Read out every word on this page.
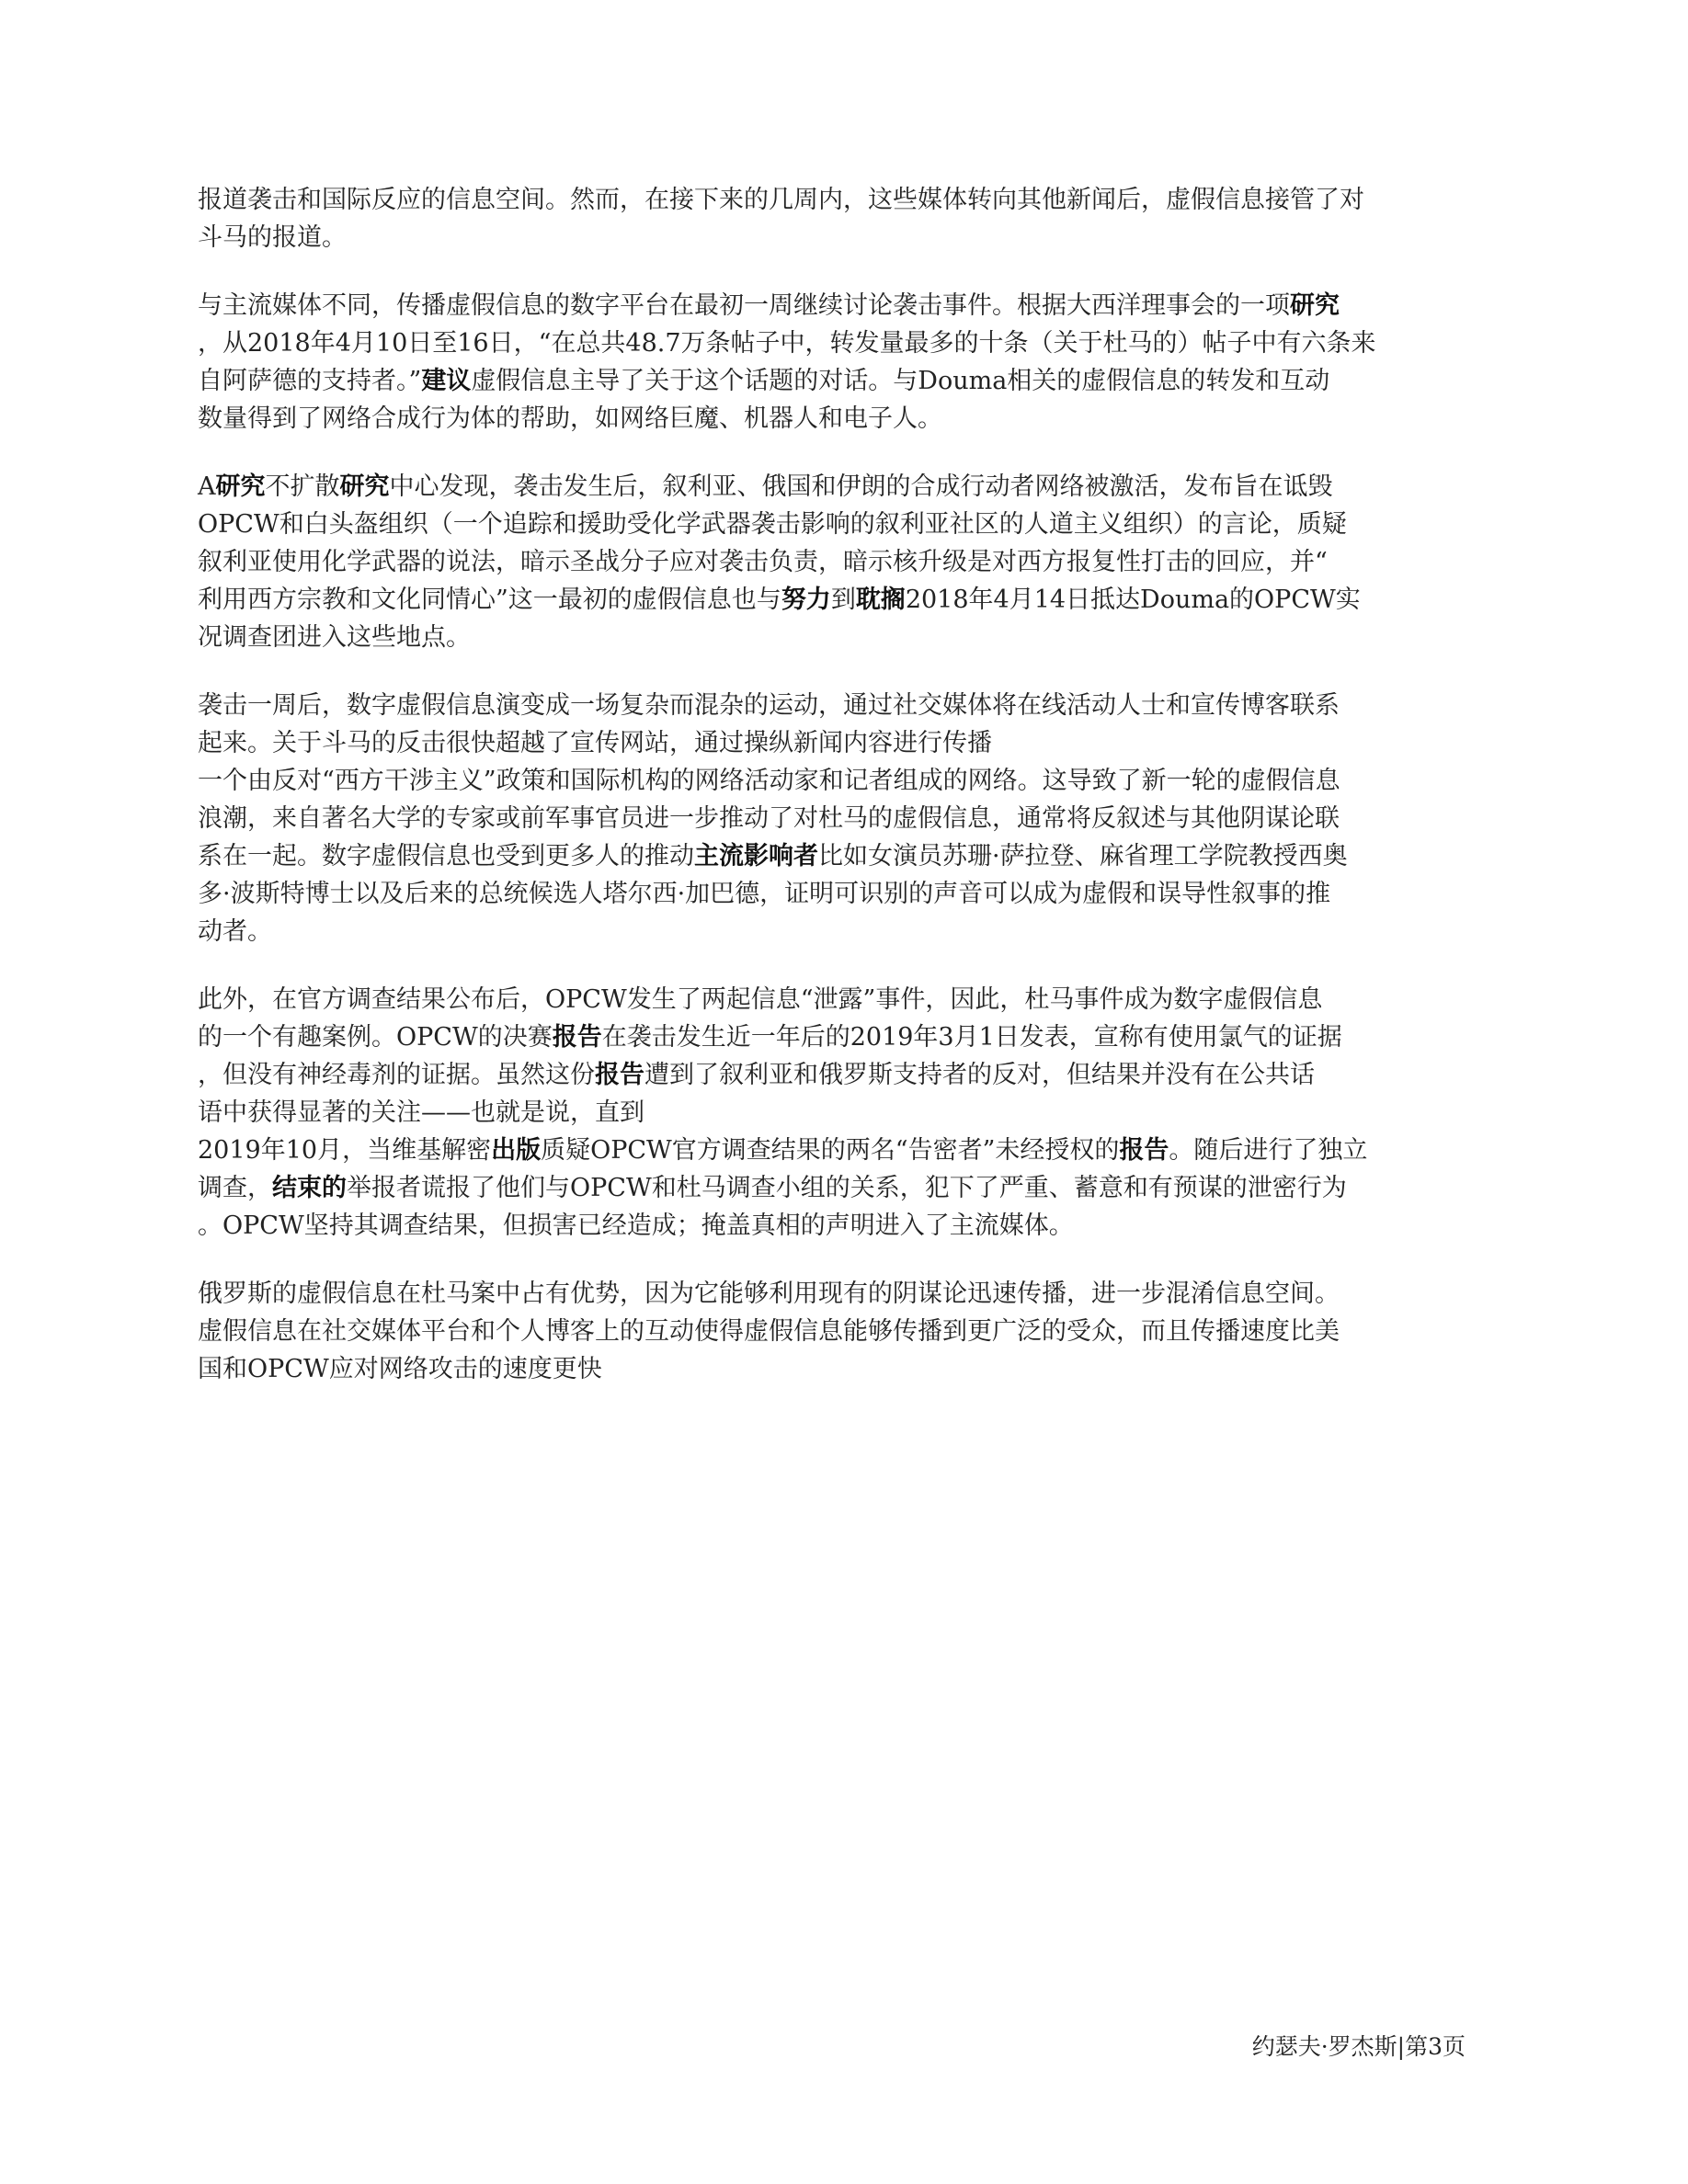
报道袭击和国际反应的信息空间。然而，在接下来的几周内，这些媒体转向其他新闻后，虚假信息接管了对
斗马的报道。
与主流媒体不同，传播虚假信息的数字平台在最初一周继续讨论袭击事件。根据大西洋理事会的一项研究
，从2018年4月10日至16日，“在总共48.7万条帖子中，转发量最多的十条（关于杜马的）帖子中有六条来
自阿萨德的支持者。”建议虚假信息主导了关于这个话题的对话。与Douma相关的虚假信息的转发和互动
数量得到了网络合成行为体的帮助，如网络巨魔、机器人和电子人。
A研究不扩散研究中心发现，袭击发生后，叙利亚、俄国和伊朗的合成行动者网络被激活，发布旨在诋毁
OPCW和白头盔组织（一个追踪和援助受化学武器袭击影响的叙利亚社区的人道主义组织）的言论，质疑
叙利亚使用化学武器的说法，暗示圣战分子应对袭击负责，暗示核升级是对西方报复性打击的回应，并“
利用西方宗教和文化同情心”这一最初的虚假信息也与努力到耽搁2018年4月14日抵达Douma的OPCW实
况调查团进入这些地点。
袭击一周后，数字虚假信息演变成一场复杂而混杂的运动，通过社交媒体将在线活动人士和宣传博客联系
起来。关于斗马的反击很快超越了宣传网站，通过操纵新闻内容进行传播
一个由反对“西方干涉主义”政策和国际机构的网络活动家和记者组成的网络。这导致了新一轮的虚假信息
浪潮，来自著名大学的专家或前军事官员进一步推动了对杜马的虚假信息，通常将反叙述与其他阴谋论联
系在一起。数字虚假信息也受到更多人的推动主流影响者比如女演员苏珊·萨拉登、麻省理工学院教授西奥
多·波斯特博士以及后来的总统候选人塔尔西·加巴德，证明可识别的声音可以成为虚假和误导性叙事的推
动者。
此外，在官方调查结果公布后，OPCW发生了两起信息“泄露”事件，因此，杜马事件成为数字虚假信息
的一个有趣案例。OPCW的决赛报告在袭击发生近一年后的2019年3月1日发表，宣称有使用氯气的证据
，但没有神经毒剂的证据。虽然这份报告遭到了叙利亚和俄罗斯支持者的反对，但结果并没有在公共话
语中获得显著的关注——也就是说，直到
2019年10月，当维基解密出版质疑OPCW官方调查结果的两名“告密者”未经授权的报告。随后进行了独立
调查，结束的举报者谎报了他们与OPCW和杜马调查小组的关系，犯下了严重、蓄意和有预谋的泄密行为
。OPCW坚持其调查结果，但损害已经造成；掩盖真相的声明进入了主流媒体。
俄罗斯的虚假信息在杜马案中占有优势，因为它能够利用现有的阴谋论迅速传播，进一步混淆信息空间。
虚假信息在社交媒体平台和个人博客上的互动使得虚假信息能够传播到更广泛的受众，而且传播速度比美
国和OPCW应对网络攻击的速度更快
约瑟夫·罗杰斯|第3页
